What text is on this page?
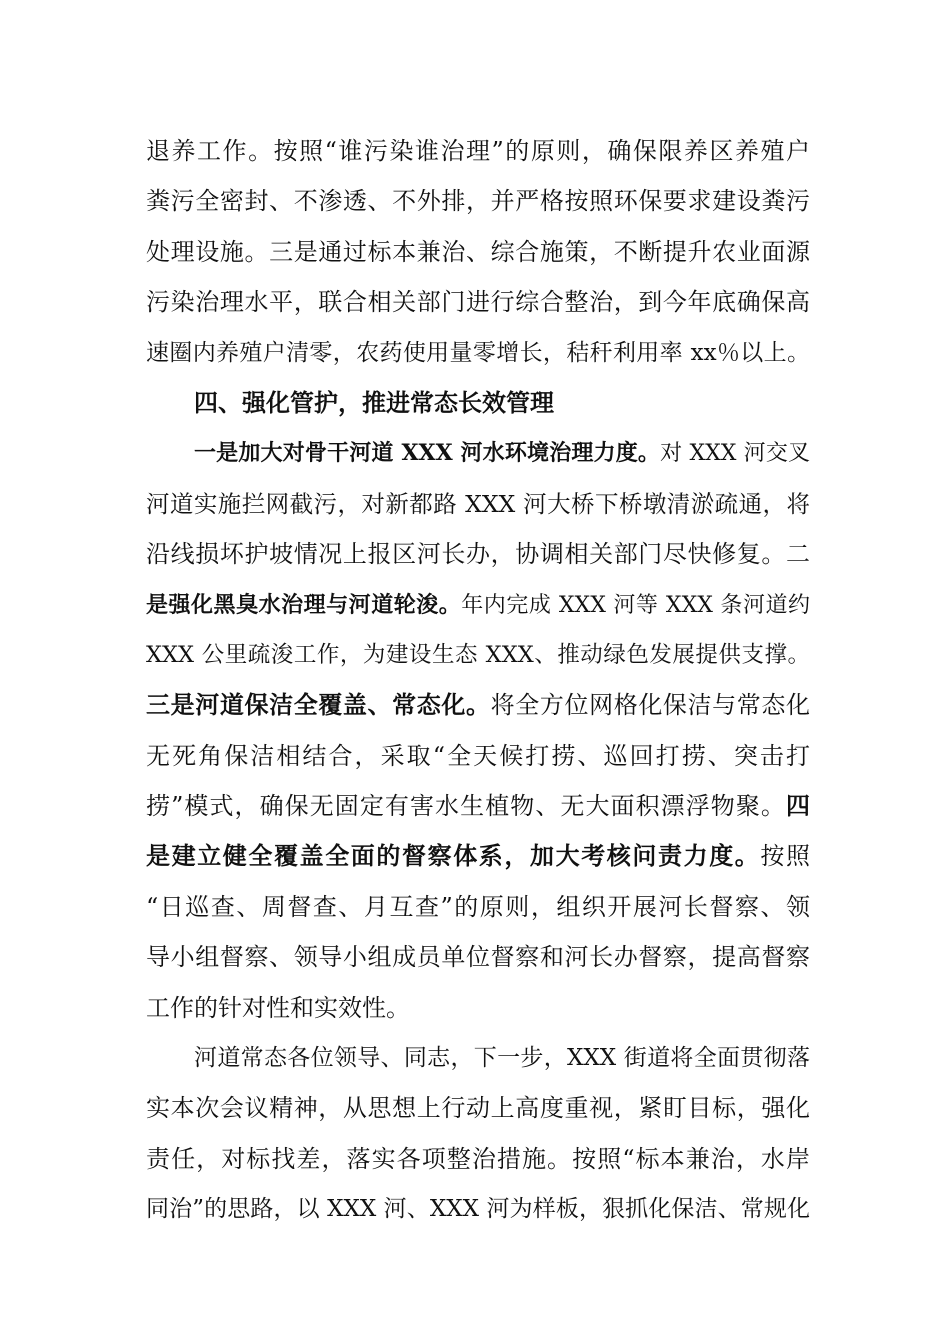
退养工作。按照“谁污染谁治理”的原则，确保限养区养殖户
粪污全密封、不渗透、不外排，并严格按照环保要求建设粪污
处理设施。三是通过标本兼治、综合施策，不断提升农业面源
污染治理水平，联合相关部门进行综合整治，到今年底确保高
速圈内养殖户清零，农药使用量零增长，秸秆利用率 xx％以上。
四、强化管护，推进常态长效管理
一是加大对骨干河道 XXX 河水环境治理力度。对 XXX 河交叉
河道实施拦网截污，对新都路 XXX 河大桥下桥墩清淤疏通，将
沿线损坏护坡情况上报区河长办，协调相关部门尽快修复。二
是强化黑臭水治理与河道轮浚。年内完成 XXX 河等 XXX 条河道约
XXX 公里疏浚工作，为建设生态 XXX、推动绿色发展提供支撑。
三是河道保洁全覆盖、常态化。将全方位网格化保洁与常态化
无死角保洁相结合，采取“全天候打捞、巡回打捞、突击打
捞”模式，确保无固定有害水生植物、无大面积漂浮物聚。四
是建立健全覆盖全面的督察体系，加大考核问责力度。按照
“日巡查、周督查、月互查”的原则，组织开展河长督察、领
导小组督察、领导小组成员单位督察和河长办督察，提高督察
工作的针对性和实效性。
河道常态各位领导、同志，下一步，XXX 街道将全面贯彻落
实本次会议精神，从思想上行动上高度重视，紧盯目标，强化
责任，对标找差，落实各项整治措施。按照“标本兼治，水岸
同治”的思路，以 XXX 河、XXX 河为样板，狠抓化保洁、常规化
